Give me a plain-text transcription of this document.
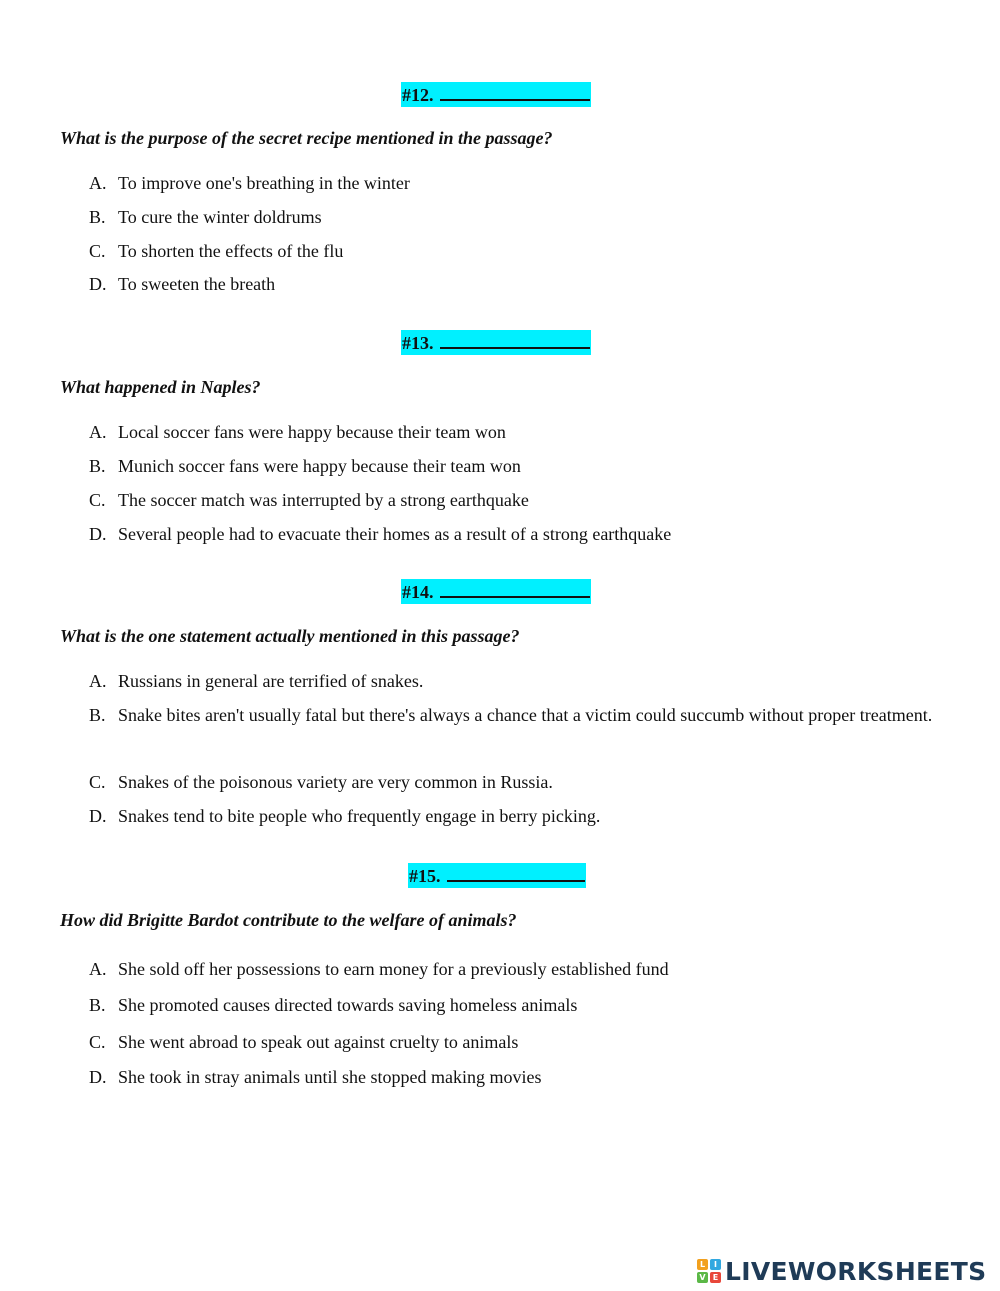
#12.
What is the purpose of the secret recipe mentioned in the passage?
A. To improve one's breathing in the winter
B. To cure the winter doldrums
C. To shorten the effects of the flu
D. To sweeten the breath
#13.
What happened in Naples?
A. Local soccer fans were happy because their team won
B. Munich soccer fans were happy because their team won
C. The soccer match was interrupted by a strong earthquake
D. Several people had to evacuate their homes as a result of a strong earthquake
#14.
What is the one statement actually mentioned in this passage?
A. Russians in general are terrified of snakes.
B. Snake bites aren't usually fatal but there's always a chance that a victim could succumb without proper treatment.
C. Snakes of the poisonous variety are very common in Russia.
D. Snakes tend to bite people who frequently engage in berry picking.
#15.
How did Brigitte Bardot contribute to the welfare of animals?
A. She sold off her possessions to earn money for a previously established fund
B. She promoted causes directed towards saving homeless animals
C. She went abroad to speak out against cruelty to animals
D. She took in stray animals until she stopped making movies
L	I
V E LIVEWORKSHEETS
